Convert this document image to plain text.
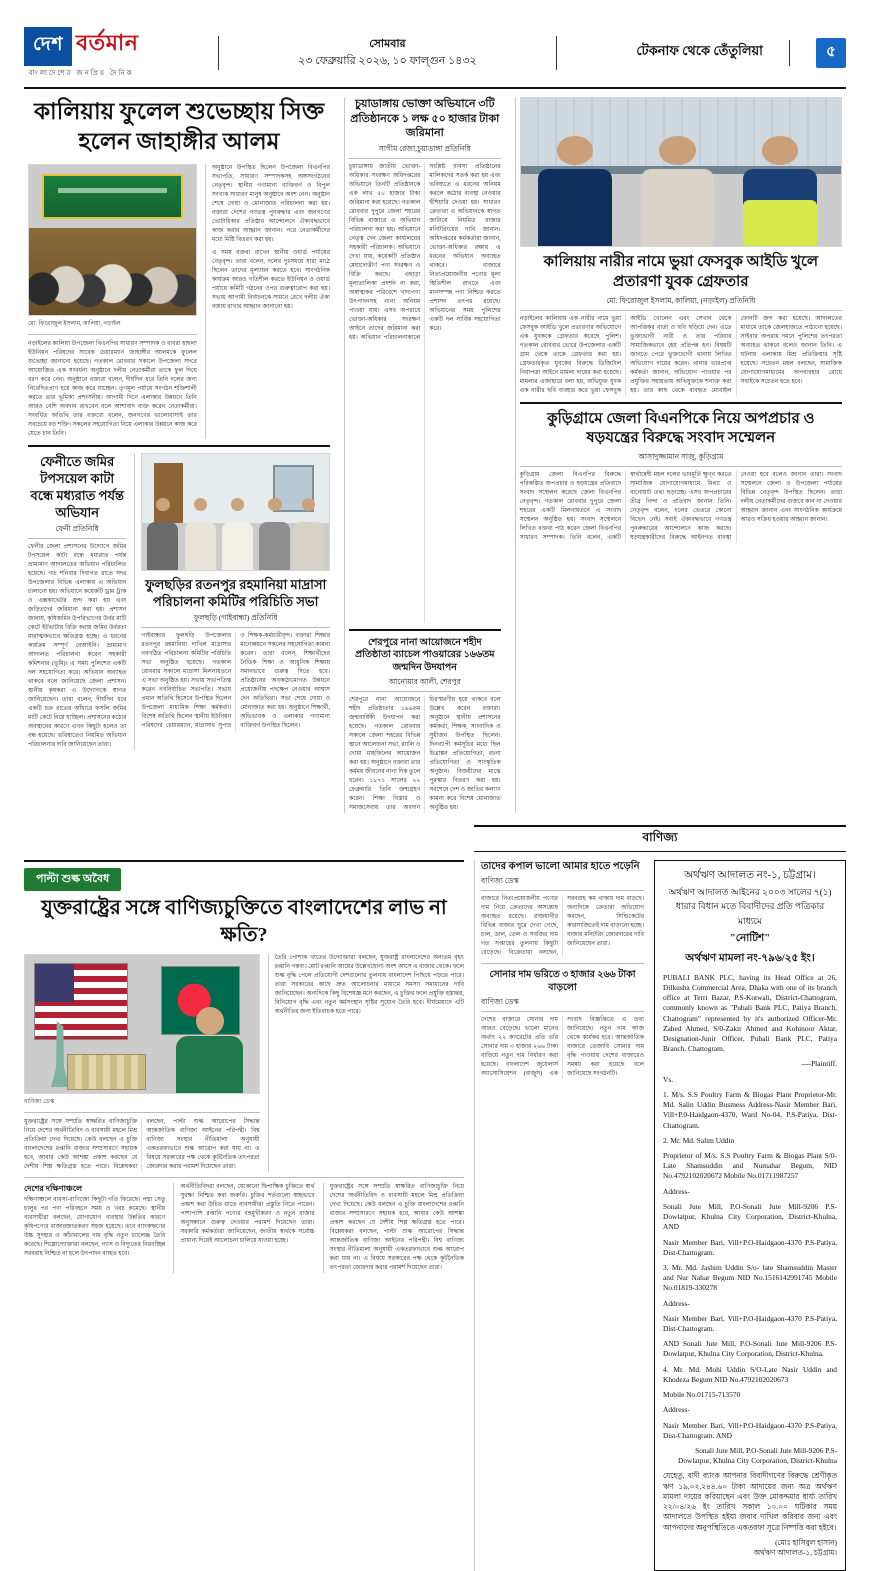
দেশ বর্তমান
বাংলাদেশের জনপ্রিয় দৈনিক
সোমবার
২৩ ফেব্রুয়ারি ২০২৬, ১০ ফাল্গুন ১৪৩২
টেকনাফ থেকে তেঁতুলিয়া	৫
কালিয়ায় ফুলেল শুভেচ্ছায় সিক্ত হলেন জাহাঙ্গীর আলম
মো. ফিরোজুল ইসলাম, কালিয়া, নড়াইল
নড়াইলের কালিয়া উপজেলা বিএনপির সাধারণ সম্পাদক ও বাবরা হাছলা ইউনিয়ন পরিষদের সাবেক চেয়ারম্যান জাহাঙ্গীর আলমকে ফুলেল শুভেচ্ছা জানানো হয়েছে। গতকাল রোববার সকালে উপজেলা সদরে আয়োজিত এক সংবর্ধনা অনুষ্ঠানে দলীয় নেতাকর্মীরা তাকে ফুল দিয়ে বরণ করে নেন। অনুষ্ঠানে বক্তারা বলেন, দীর্ঘদিন ধরে তিনি দলের জন্য নিবেদিতপ্রাণ হয়ে কাজ করে যাচ্ছেন। তৃণমূল পর্যায়ে সংগঠন শক্তিশালী করতে তার ভূমিকা প্রশংসনীয়। আগামী দিনে এলাকার উন্নয়নে তিনি আরও বেশি অবদান রাখবেন বলে আশাবাদ ব্যক্ত করেন নেতাকর্মীরা। সংবর্ধিত অতিথি তার বক্তব্যে বলেন, জনগণের ভালোবাসাই তার সবচেয়ে বড় শক্তি। সকলের সহযোগিতা নিয়ে এলাকার উন্নয়নে কাজ করে যেতে চান তিনি।
অনুষ্ঠানে উপস্থিত ছিলেন উপজেলা বিএনপির সভাপতি, সাধারণ সম্পাদকসহ অঙ্গসংগঠনের নেতৃবৃন্দ। স্থানীয় গণ্যমান্য ব্যক্তিবর্গ ও বিপুল সংখ্যক সাধারণ মানুষ অনুষ্ঠানে অংশ নেন। অনুষ্ঠান শেষে দোয়া ও মোনাজাত পরিচালনা করা হয়। বক্তারা দেশের গণতন্ত্র পুনরুদ্ধার এবং জনগণের ভোটাধিকার প্রতিষ্ঠার আন্দোলনে ঐক্যবদ্ধভাবে কাজ করার আহ্বান জানান। পরে নেতাকর্মীদের মধ্যে মিষ্টি বিতরণ করা হয়।
এ সময় বক্তব্য রাখেন স্থানীয় ওয়ার্ড পর্যায়ের নেতৃবৃন্দ। তারা বলেন, দলের দুঃসময়ে যারা মাঠে ছিলেন তাদের মূল্যায়ন করতে হবে। সাংগঠনিক কার্যক্রম আরও গতিশীল করতে ইউনিয়ন ও ওয়ার্ড পর্যায়ে কমিটি গঠনের ওপর গুরুত্বারোপ করা হয়। সভায় আগামী নির্বাচনকে সামনে রেখে দলীয় ঐক্য বজায় রাখার আহ্বান জানানো হয়।
ফেনীতে জমির টপসয়েল কাটা বন্ধে মধ্যরাত পর্যন্ত অভিযান
ফেনী প্রতিনিধি
ফেনীর জেলা প্রশাসনের উদ্যোগে জমির টপসয়েল কাটা বন্ধে মধ্যরাত পর্যন্ত ভ্রাম্যমাণ আদালতের অভিযান পরিচালিত হয়েছে। গত শনিবার দিবাগত রাতে সদর উপজেলার বিভিন্ন এলাকায় এ অভিযান চালানো হয়। অভিযানে কয়েকটি ড্রাম ট্রাক ও এক্সকাভেটর জব্দ করা হয় এবং জড়িতদের জরিমানা করা হয়। প্রশাসন জানায়, কৃষিজমির উপরিভাগের উর্বর মাটি কেটে ইটভাটায় বিক্রি করায় জমির উর্বরতা মারাত্মকভাবে ক্ষতিগ্রস্ত হচ্ছে। এ ধরনের কার্যক্রম সম্পূর্ণ বেআইনি। ভ্রাম্যমাণ আদালত পরিচালনা করেন সহকারী কমিশনার (ভূমি)। এ সময় পুলিশের একটি দল সহযোগিতা করে। অভিযান অব্যাহত থাকবে বলে জানিয়েছে জেলা প্রশাসন। স্থানীয় কৃষকরা এ উদ্যোগকে স্বাগত জানিয়েছেন। তারা বলেন, দীর্ঘদিন ধরে একটি চক্র রাতের আঁধারে ফসলি জমির মাটি কেটে নিয়ে যাচ্ছিল। প্রশাসনের কঠোর অবস্থানের কারণে এখন কিছুটা হলেও তা বন্ধ হয়েছে। ভবিষ্যতেও নিয়মিত অভিযান পরিচালনার দাবি জানিয়েছেন তারা।
ফুলছড়ির রতনপুর রহমানিয়া মাদ্রাসা পরিচালনা কমিটির পরিচিতি সভা
ফুলছড়ি (গাইবান্ধা) প্রতিনিধি
গাইবান্ধার ফুলছড়ি উপজেলার রতনপুর রহমানিয়া দাখিল মাদ্রাসার নবগঠিত পরিচালনা কমিটির পরিচিতি সভা অনুষ্ঠিত হয়েছে। গতকাল রোববার সকালে মাদ্রাসা মিলনায়তনে এ সভা অনুষ্ঠিত হয়। সভায় সভাপতিত্ব করেন নবনির্বাচিত সভাপতি। সভায় প্রধান অতিথি হিসেবে উপস্থিত ছিলেন উপজেলা মাধ্যমিক শিক্ষা কর্মকর্তা। বিশেষ অতিথি ছিলেন স্থানীয় ইউনিয়ন পরিষদের চেয়ারম্যান, মাদ্রাসার সুপার ও শিক্ষক-কর্মচারীবৃন্দ। বক্তারা শিক্ষার মানোন্নয়নে সকলের সহযোগিতা কামনা করেন। তারা বলেন, শিক্ষার্থীদের নৈতিক শিক্ষা ও আধুনিক শিক্ষায় সমানভাবে গুরুত্ব দিতে হবে। প্রতিষ্ঠানের অবকাঠামোগত উন্নয়নে প্রয়োজনীয় পদক্ষেপ নেওয়ার আশ্বাস দেন অতিথিরা। সভা শেষে দোয়া ও মোনাজাত করা হয়। অনুষ্ঠানে শিক্ষার্থী, অভিভাবক ও এলাকার গণ্যমান্য ব্যক্তিবর্গ উপস্থিত ছিলেন।
চুয়াডাঙ্গায় ভোক্তা অভিযানে ৩টি প্রতিষ্ঠানকে ১ লক্ষ ৫০ হাজার টাকা জরিমানা
সাগীম রেজা,চুয়াডাঙ্গা প্রতিনিধি
চুয়াডাঙ্গায় জাতীয় ভোক্তা-অধিকার সংরক্ষণ অধিদপ্তরের অভিযানে তিনটি প্রতিষ্ঠানকে এক লাখ ৫০ হাজার টাকা জরিমানা করা হয়েছে। গতকাল রোববার দুপুরে জেলা শহরের বিভিন্ন বাজারে এ অভিযান পরিচালনা করা হয়। অভিযানে নেতৃত্ব দেন জেলা কার্যালয়ের সহকারী পরিচালক। অভিযানে দেখা যায়, কয়েকটি প্রতিষ্ঠান মেয়াদোত্তীর্ণ পণ্য সংরক্ষণ ও বিক্রি করছে। এছাড়া মূল্যতালিকা প্রদর্শন না করা, অস্বাস্থ্যকর পরিবেশে খাদ্যপণ্য উৎপাদনসহ নানা অনিয়ম পাওয়া যায়। এসব অপরাধে ভোক্তা-অধিকার সংরক্ষণ আইনে তাদের জরিমানা করা হয়। অভিযান পরিচালনাকালে সংশ্লিষ্ট ব্যবসা প্রতিষ্ঠানের মালিকদের সতর্ক করা হয় এবং ভবিষ্যতে এ ধরনের অনিয়ম করলে কঠোর ব্যবস্থা নেওয়ার হুঁশিয়ারি দেওয়া হয়। সাধারণ ক্রেতারা এ অভিযানকে স্বাগত জানিয়ে নিয়মিত বাজার মনিটরিংয়ের দাবি জানান। অধিদপ্তরের কর্মকর্তারা জানান, ভোক্তা-অধিকার রক্ষায় এ ধরনের অভিযান অব্যাহত থাকবে। বাজারে নিত্যপ্রয়োজনীয় পণ্যের মূল্য স্থিতিশীল রাখতে এবং মানসম্পন্ন পণ্য নিশ্চিত করতে প্রশাসন তৎপর রয়েছে। অভিযানের সময় পুলিশের একটি দল সার্বিক সহযোগিতা করে।
শেরপুরে নানা আয়োজনে শহীদ প্রতিষ্ঠাতা ব্যাচেল পাওয়ারের ১৬৬তম জন্মদিন উদযাপন
আনোয়ার আলী, শেরপুর
শেরপুরে নানা আয়োজনে শহীদ প্রতিষ্ঠাতার ১৬৬তম জন্মবার্ষিকী উদযাপন করা হয়েছে। গতকাল রোববার সকালে জেলা শহরের বিভিন্ন স্থানে আলোচনা সভা, র‍্যালি ও দোয়া মাহফিলের আয়োজন করা হয়। অনুষ্ঠানে বক্তারা তার কর্মময় জীবনের নানা দিক তুলে ধরেন। ১৮৭১ সালের ২২ ফেব্রুয়ারি তিনি জন্মগ্রহণ করেন। শিক্ষা বিস্তার ও সমাজসেবায় তার অবদান চিরস্মরণীয় হয়ে থাকবে বলে উল্লেখ করেন বক্তারা। অনুষ্ঠানে স্থানীয় প্রশাসনের কর্মকর্তা, শিক্ষক, সাংবাদিক ও সুধীজন উপস্থিত ছিলেন। দিনব্যাপী কর্মসূচির মধ্যে ছিল চিত্রাঙ্কন প্রতিযোগিতা, রচনা প্রতিযোগিতা ও সাংস্কৃতিক অনুষ্ঠান। বিজয়ীদের মাঝে পুরস্কার বিতরণ করা হয়। সবশেষে দেশ ও জাতির কল্যাণ কামনা করে বিশেষ মোনাজাত অনুষ্ঠিত হয়।
কালিয়ায় নারীর নামে ভুয়া ফেসবুক আইডি খুলে প্রতারণা যুবক গ্রেফতার
মো. ফিরোজুল ইসলাম, কালিয়া, (নড়াইল) প্রতিনিধি
নড়াইলের কালিয়ায় এক নারীর নামে ভুয়া ফেসবুক আইডি খুলে প্রতারণার অভিযোগে এক যুবককে গ্রেফতার করেছে পুলিশ। গতকাল রোববার ভোরে উপজেলার একটি গ্রাম থেকে তাকে গ্রেফতার করা হয়। গ্রেফতারকৃত যুবকের বিরুদ্ধে ডিজিটাল নিরাপত্তা আইনে মামলা দায়ের করা হয়েছে। মামলার এজাহারে বলা হয়, অভিযুক্ত যুবক এক নারীর ছবি ব্যবহার করে ভুয়া ফেসবুক আইডি খোলেন এবং সেখান থেকে আপত্তিকর বার্তা ও ছবি ছড়িয়ে দেন। এতে ভুক্তভোগী নারী ও তার পরিবার সামাজিকভাবে হেয় প্রতিপন্ন হন। বিষয়টি জানতে পেরে ভুক্তভোগী থানায় লিখিত অভিযোগ দায়ের করেন। থানার ভারপ্রাপ্ত কর্মকর্তা জানান, অভিযোগ পাওয়ার পর প্রযুক্তির সহায়তায় অভিযুক্তকে শনাক্ত করা হয়। তার কাছ থেকে ব্যবহৃত মোবাইল ফোনটি জব্দ করা হয়েছে। আদালতের মাধ্যমে তাকে জেলহাজতে পাঠানো হয়েছে। সাইবার অপরাধ দমনে পুলিশের তৎপরতা অব্যাহত থাকবে বলেও জানান তিনি। এ ঘটনায় এলাকায় মিশ্র প্রতিক্রিয়ার সৃষ্টি হয়েছে। সচেতন মহল বলছেন, সামাজিক যোগাযোগমাধ্যমের অপব্যবহার রোধে সবাইকে সচেতন হতে হবে।
কুড়িগ্রামে জেলা বিএনপিকে নিয়ে অপপ্রচার ও ষড়যন্ত্রের বিরুদ্ধে সংবাদ সম্মেলন
আসাদুজ্জামান সাজু, কুড়িগ্রাম
কুড়িগ্রাম জেলা বিএনপির বিরুদ্ধে পরিকল্পিত অপপ্রচার ও ষড়যন্ত্রের প্রতিবাদে সংবাদ সম্মেলন করেছে জেলা বিএনপির নেতৃবৃন্দ। গতকাল রোববার দুপুরে জেলা শহরের একটি মিলনায়তনে এ সংবাদ সম্মেলন অনুষ্ঠিত হয়। সংবাদ সম্মেলনে লিখিত বক্তব্য পাঠ করেন জেলা বিএনপির সাধারণ সম্পাদক। তিনি বলেন, একটি স্বার্থান্বেষী মহল দলের ভাবমূর্তি ক্ষুণ্ন করতে সামাজিক যোগাযোগমাধ্যমে মিথ্যা ও বানোয়াট তথ্য ছড়াচ্ছে। এসব অপপ্রচারের তীব্র নিন্দা ও প্রতিবাদ জানান তিনি। নেতৃবৃন্দ বলেন, দলের ভেতরে কোনো বিভেদ নেই। সবাই ঐক্যবদ্ধভাবে গণতন্ত্র পুনরুদ্ধারের আন্দোলনে কাজ করছে। ষড়যন্ত্রকারীদের বিরুদ্ধে আইনগত ব্যবস্থা নেওয়া হবে বলেও জানান তারা। সংবাদ সম্মেলনে জেলা ও উপজেলা পর্যায়ের বিভিন্ন নেতৃবৃন্দ উপস্থিত ছিলেন। তারা দলীয় নেতাকর্মীদের গুজবে কান না দেওয়ার আহ্বান জানান এবং সাংগঠনিক কার্যক্রমে আরও সক্রিয় হওয়ার আহ্বান জানান।
বাণিজ্য
পাল্টা শুল্ক অবৈধ
যুক্তরাষ্ট্রের সঙ্গে বাণিজ্যচুক্তিতে বাংলাদেশের লাভ না ক্ষতি?
বাণিজ্য ডেস্ক
যুক্তরাষ্ট্রের সঙ্গে সম্প্রতি স্বাক্ষরিত বাণিজ্যচুক্তি নিয়ে দেশের অর্থনীতিবিদ ও ব্যবসায়ী মহলে মিশ্র প্রতিক্রিয়া দেখা দিয়েছে। কেউ বলছেন এ চুক্তি বাংলাদেশের রপ্তানি বাজার সম্প্রসারণে সহায়ক হবে, আবার কেউ আশঙ্কা প্রকাশ করছেন যে দেশীয় শিল্প ক্ষতিগ্রস্ত হতে পারে। বিশ্লেষকরা বলছেন, পাল্টা শুল্ক আরোপের সিদ্ধান্ত আন্তর্জাতিক বাণিজ্য আইনের পরিপন্থী। বিশ্ব বাণিজ্য সংস্থার নীতিমালা অনুযায়ী একতরফাভাবে শুল্ক আরোপ করা যায় না। এ বিষয়ে সরকারের পক্ষ থেকে কূটনৈতিক তৎপরতা জোরদার করার পরামর্শ দিয়েছেন তারা।
তৈরি পোশাক খাতের উদ্যোক্তারা বলছেন, যুক্তরাষ্ট্র বাংলাদেশের অন্যতম বৃহৎ রপ্তানি গন্তব্য। মোট রপ্তানি আয়ের উল্লেখযোগ্য অংশ আসে এ বাজার থেকে। ফলে শুল্ক বৃদ্ধি পেলে প্রতিযোগী দেশগুলোর তুলনায় বাংলাদেশ পিছিয়ে পড়তে পারে। তারা সরকারের কাছে দ্রুত আলোচনার মাধ্যমে সমস্যা সমাধানের দাবি জানিয়েছেন। অন্যদিকে কিছু বিশেষজ্ঞ মনে করছেন, এ চুক্তির ফলে প্রযুক্তি হস্তান্তর, বিনিয়োগ বৃদ্ধি এবং নতুন কর্মসংস্থান সৃষ্টির সুযোগ তৈরি হবে। দীর্ঘমেয়াদে এটি অর্থনীতির জন্য ইতিবাচক হতে পারে।
দেশের দক্ষিণাঞ্চলে
দক্ষিণাঞ্চলে ব্যবসা-বাণিজ্যে কিছুটা গতি ফিরেছে। পদ্মা সেতু চালুর পর পণ্য পরিবহনে সময় ও খরচ কমেছে। স্থানীয় ব্যবসায়ীরা বলছেন, যোগাযোগ ব্যবস্থার উন্নতির কারণে কৃষিপণ্যের বাজারজাতকরণ সহজ হয়েছে। তবে ব্যাংকঋণের উচ্চ সুদহার ও কাঁচামালের দাম বৃদ্ধি নতুন চ্যালেঞ্জ তৈরি করেছে। শিল্পোদ্যোক্তারা বলছেন, গ্যাস ও বিদ্যুতের নিরবচ্ছিন্ন সরবরাহ নিশ্চিত না হলে উৎপাদন ব্যাহত হবে।
অর্থনীতিবিদরা বলছেন, যেকোনো দ্বিপাক্ষিক চুক্তিতে স্বার্থ সুরক্ষা নিশ্চিত করা জরুরি। চুক্তির শর্তগুলো স্বচ্ছভাবে প্রকাশ করা উচিত যাতে ব্যবসায়ীরা প্রস্তুতি নিতে পারেন। পাশাপাশি রপ্তানি পণ্যের বহুমুখীকরণ ও নতুন বাজার অনুসন্ধানে গুরুত্ব দেওয়ার পরামর্শ দিয়েছেন তারা। সরকারি কর্মকর্তারা জানিয়েছেন, জাতীয় স্বার্থকে সর্বোচ্চ প্রাধান্য দিয়েই আলোচনা চালিয়ে যাওয়া হচ্ছে।
যুক্তরাষ্ট্রের সঙ্গে সম্প্রতি স্বাক্ষরিত বাণিজ্যচুক্তি নিয়ে দেশের অর্থনীতিবিদ ও ব্যবসায়ী মহলে মিশ্র প্রতিক্রিয়া দেখা দিয়েছে। কেউ বলছেন এ চুক্তি বাংলাদেশের রপ্তানি বাজার সম্প্রসারণে সহায়ক হবে, আবার কেউ আশঙ্কা প্রকাশ করছেন যে দেশীয় শিল্প ক্ষতিগ্রস্ত হতে পারে। বিশ্লেষকরা বলছেন, পাল্টা শুল্ক আরোপের সিদ্ধান্ত আন্তর্জাতিক বাণিজ্য আইনের পরিপন্থী। বিশ্ব বাণিজ্য সংস্থার নীতিমালা অনুযায়ী একতরফাভাবে শুল্ক আরোপ করা যায় না। এ বিষয়ে সরকারের পক্ষ থেকে কূটনৈতিক তৎপরতা জোরদার করার পরামর্শ দিয়েছেন তারা।
তাদের কপাল ভালো আমার হাতে পড়েনি
বাণিজ্য ডেস্ক
বাজারে নিত্যপ্রয়োজনীয় পণ্যের দাম নিয়ে ক্রেতাদের অসন্তোষ অব্যাহত রয়েছে। রাজধানীর বিভিন্ন বাজার ঘুরে দেখা গেছে, চাল, ডাল, তেল ও সবজির দাম গত সপ্তাহের তুলনায় কিছুটা বেড়েছে। বিক্রেতারা বলছেন, সরবরাহ কম থাকায় দাম বাড়ছে। অন্যদিকে ক্রেতারা অভিযোগ করছেন, সিন্ডিকেটের কারসাজিতেই দাম বাড়ানো হচ্ছে। বাজার মনিটরিং জোরদারের দাবি জানিয়েছেন তারা।
সোনার দাম ভরিতে ৩ হাজার ২৬৬ টাকা বাড়লো
বাণিজ্য ডেস্ক
দেশের বাজারে সোনার দাম আরও বেড়েছে। ভালো মানের অর্থাৎ ২২ ক্যারেটের প্রতি ভরি সোনার দাম ৩ হাজার ২৬৬ টাকা বাড়িয়ে নতুন দাম নির্ধারণ করা হয়েছে। বাংলাদেশ জুয়েলার্স অ্যাসোসিয়েশন (বাজুস) এক সংবাদ বিজ্ঞপ্তিতে এ তথ্য জানিয়েছে। নতুন দাম আজ থেকে কার্যকর হবে। আন্তর্জাতিক বাজারে তেজাবি সোনার দাম বৃদ্ধি পাওয়ায় দেশের বাজারেও সমন্বয় করা হয়েছে বলে জানিয়েছে সংগঠনটি।
অর্থঋণ আদালত নং-১, চট্টগ্রাম।
অর্থঋণ আদালত আইনের ২০০৩ সালের ৭(১) ধারার বিধান মতে বিবাদীদের প্রতি পত্রিকার মাধ্যমে
"নোটিশ"
অর্থঋণ মামলা নং-৭৯৬/২৫ ইং।

PUBALI BANK PLC, having its Head Office at 26, Dilkusha Commercial Area, Dhaka with one of its branch office at Terri Bazar, P.S-Kotwali, District-Chattogram, commonly known as "Pubali Bank PLC, Patiya Branch, Chattogram" represented by it's authorized Officer-Mr. Zahed Ahmed, S/0-Zakir Ahmed and Kohinoor Aktar, Designation-Junir Officer, Pubali Bank PLC, Patiya Branch, Chattogram.

----Plaintiff.

Vs.

1. M/s. S.S Poultry Farm & Biogas Plant Proprietor-Mr. Md. Salin Uddin Busmess Address-Nasir Member Bari, Vill+P.0-Haidgaon-4370, Ward No-04, P.S-Patiya, Dist-Chattogram.

2. Mr. Md. Salim Uddin

Proprietor of M/s. S.S Poultry Farm & Biogas Plant S/0-Late Shamsuddin and Numahar Begum, NID No.4792102020672 Mobile No.01711987257

Address-

Sonali Jute Mill, P.O-Sonali Jute Mill-9206 P.S-Dowlatpur, Khulna City Corporation, District-Khulna, AND

Nasir Member Bari, Vill+P.O-Haidgaon-4370 P.S-Patiya, Dist-Chattogram.

3. Mr. Md. Jashim Uddin S/o- late Shamsuddin Master and Nur Nahar Begum NID No.1516142991745 Mobile No.01819-330278

Address-

Nasir Member Bari, Vill+P.O-Haidgaon-4370 P.S-Patiya, Dist-Chattogram.

AND Sonali Jute Mill, P.O-Sonali Jute Mill-9206 P.S-Dowlatpur, Khulna City Corporation, District-Khulna.

4. Mr. Md. Mohi Uddin S/O-Late Nasir Uddin and Khodeza Begum NID No.4792102020673

Mobile No.01715-713570

Address-

Nasir Member Bari, Vill+P.O-Haidgaon-4370 P.S-Patiya, Dist-Chattogram. AND

Sonali Jute Mill, P.O-Sonali Jute Mill-9206 P.S-Dowlatpur, Khulna City Corporation, District-Khulna

যেহেতু, বাদী ব্যাংক আপনার বিবাদীগণের বিরুদ্ধে শ্রেণীকৃত ঋণ ১৯,০২,২৪৪.৬০ টাকা আদায়ের জন্য অত্র অর্থঋণ মামলা দায়ের করিয়াছেন এবং উক্ত মোকদ্দমার ধার্য্য তারিখ ২২/০৪/২৬ ইং তারিখ সকাল ১০.০০ ঘটিকার সময় আদালতে উপস্থিত হইয়া জবাব দাখিল করিবার জন্য এবং আপনাদের অনুপস্থিতিতে একতরফা সূত্রে নিষ্পত্তি করা হইবে।

(মোঃ হাসিবুল হাসান)

অর্থঋণ আদালত-১, চট্টগ্রাম।
